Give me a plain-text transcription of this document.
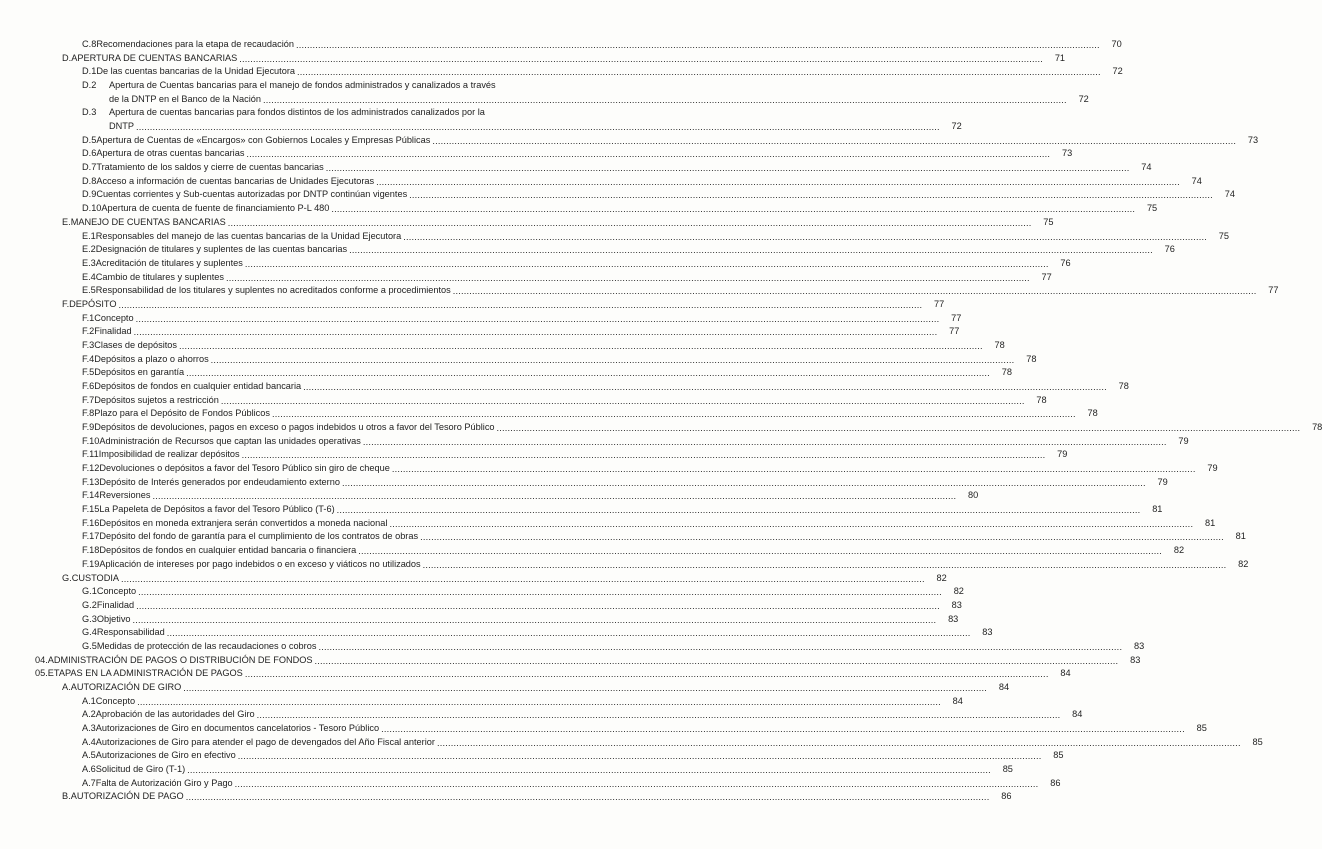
C.8 Recomendaciones para la etapa de recaudación .....	70
D. APERTURA DE CUENTAS BANCARIAS .....	71
D.1 De las cuentas bancarias de la Unidad Ejecutora .....	72
D.2	Apertura de Cuentas bancarias para el manejo de fondos administrados y canalizados a través
de la DNTP en el Banco de la Nación .....	72
D.3	Apertura de cuentas bancarias para fondos distintos de los administrados canalizados por la
DNTP .....	72
D.5 Apertura de Cuentas de «Encargos» con Gobiernos Locales y Empresas Públicas .....	73
D.6 Apertura de otras cuentas bancarias .....	73
D.7 Tratamiento de los saldos y cierre de cuentas bancarias .....	74
D.8 Acceso a información de cuentas bancarias de Unidades Ejecutoras .....	74
D.9 Cuentas corrientes y Sub-cuentas autorizadas por DNTP continúan vigentes .....	74
D.10 Apertura de cuenta de fuente de financiamiento P-L 480 .....	75
E. MANEJO DE CUENTAS BANCARIAS .....	75
E.1 Responsables del manejo de las cuentas bancarias de la Unidad Ejecutora .....	75
E.2 Designación de titulares y suplentes de las cuentas bancarias .....	76
E.3 Acreditación de titulares y suplentes .....	76
E.4 Cambio de titulares y suplentes .....	77
E.5 Responsabilidad de los titulares y suplentes no acreditados conforme a procedimientos .....	77
F. DEPÓSITO .....	77
F.1 Concepto .....	77
F.2 Finalidad .....	77
F.3 Clases de depósitos .....	78
F.4 Depósitos a plazo o ahorros .....	78
F.5 Depósitos en garantía .....	78
F.6 Depósitos de fondos en cualquier entidad bancaria .....	78
F.7 Depósitos sujetos a restricción .....	78
F.8 Plazo para el Depósito de Fondos Públicos .....	78
F.9 Depósitos de devoluciones, pagos en exceso o pagos indebidos u otros a favor del Tesoro Público .....	78
F.10 Administración de Recursos que captan las unidades operativas .....	79
F.11 Imposibilidad de realizar depósitos .....	79
F.12 Devoluciones o depósitos a favor del Tesoro Público sin giro de cheque .....	79
F.13 Depósito de Interés generados por endeudamiento externo .....	79
F.14 Reversiones .....	80
F.15 La Papeleta de Depósitos a favor del Tesoro Público (T-6) .....	81
F.16 Depósitos en moneda extranjera serán convertidos a moneda nacional .....	81
F.17 Depósito del fondo de garantía para el cumplimiento de los contratos de obras .....	81
F.18 Depósitos de fondos en cualquier entidad bancaria o financiera .....	82
F.19 Aplicación de intereses por pago indebidos o en exceso y viáticos no utilizados .....	82
G. CUSTODIA .....	82
G.1 Concepto .....	82
G.2 Finalidad .....	83
G.3 Objetivo .....	83
G.4 Responsabilidad .....	83
G.5 Medidas de protección de las recaudaciones o cobros .....	83
04. ADMINISTRACIÓN DE PAGOS O DISTRIBUCIÓN DE FONDOS .....	83
05. ETAPAS EN LA ADMINISTRACIÓN DE PAGOS .....	84
A. AUTORIZACIÓN DE GIRO .....	84
A.1 Concepto .....	84
A.2 Aprobación de las autoridades del Giro .....	84
A.3 Autorizaciones de Giro en documentos cancelatorios - Tesoro Público .....	85
A.4 Autorizaciones de Giro para atender el pago de devengados del Año Fiscal anterior .....	85
A.5 Autorizaciones de Giro en efectivo .....	85
A.6 Solicitud de Giro (T-1) .....	85
A.7 Falta de Autorización Giro y Pago .....	86
B. AUTORIZACIÓN DE PAGO .....	86
